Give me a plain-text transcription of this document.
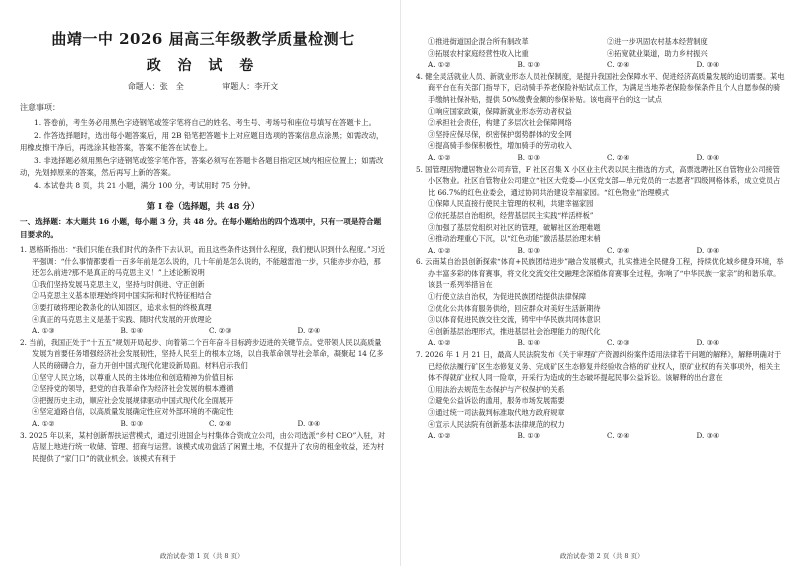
曲靖一中 2026 届高三年级教学质量检测七
政 治 试 卷
命题人：张　全	审题人：李开文
注意事项：

1. 答卷前，考生务必用黑色字迹钢笔或签字笔将自己的姓名、考生号、考场号和座位号填写在答题卡上。

2. 作答选择题时，选出每小题答案后，用 2B 铅笔把答题卡上对应题目选项的答案信息点涂黑；如需改动，用橡皮擦干净后，再选涂其他答案，答案不能答在试卷上。

3. 非选择题必须用黑色字迹钢笔或签字笔作答，答案必须写在答题卡各题目指定区域内相应位置上；如需改动，先划掉原来的答案，然后再写上新的答案。

4. 本试卷共 8 页，共 21 小题，满分 100 分，考试用时 75 分钟。

第 I 卷（选择题，共 48 分）
一、选择题：本大题共 16 小题，每小题 3 分，共 48 分。在每小题给出的四个选项中，只有一项是符合题目要求的。

1. 恩格斯指出：“我们只能在我们时代的条件下去认识，而且这些条件达到什么程度，我们便认识到什么程度。”习近平强调：“什么事情都要看一百多年前是怎么说的，几十年前是怎么说的，不能越雷池一步，只能亦步亦趋，那还怎么前进?那不是真正的马克思主义！”上述论断说明

①我们坚持发展马克思主义，坚持与时俱进、守正创新

②马克思主义基本原理始终同中国实际和时代特征相结合

③要打破将理论教条化的认知固区，追求永恒的终极真理

④真正的马克思主义是基于实践、随时代发展的开放理论

A. ①③	B. ①④	C. ②③	D. ②④

2. 当前，我国正处于“十五五”规划开局起步、向着第二个百年奋斗目标跨步迈进的关键节点。党带领人民以高质量发展为首要任务增强经济社会发展韧性，坚持人民至上的根本立场，以自我革命领导社会革命，凝聚起 14 亿多人民的磅礴合力，奋力开创中国式现代化建设新局面。材料启示我们

①坚守人民立场，以尊重人民的主体地位和创造精神为价值目标

②坚持党的领导，把党的自我革命作为经济社会发展的根本遵循

③把握历史主动，顺应社会发展规律驱动中国式现代化全面展开

④坚定道路自信，以高质量发展确定性应对外部环境的不确定性

A. ①②	B. ①③	C. ②④	D. ③④

3. 2025 年以来，某村创新帮扶运营模式，通过引进国企与村集体合资成立公司，由公司选派“乡村 CEO”入驻，对店屋上地进行统一收储、管理、招商与运营。该模式成功盘活了闲置土地，不仅提升了农房的租金收益，还为村民提供了“家门口”的就业机会。该模式有利于

①推进街道国企混合所有制改革	②进一步巩固农村基本经营制度
③拓展农村家庭经营性收入比重	④拓宽就业渠道，助力乡村振兴
A. ①②	B. ①③	C. ②④	D. ③④

4. 健全灵活就业人员、新就业形态人员社保制度，是提升我国社会保障水平、促进经济高质量发展的追切需要。某电商平台在有关部门指导下，启动骑手养老保险补贴试点工作，为满足当地养老保险参保条件且个人自愿参保的骑手缴纳社保补贴，提供 50%缴费金额的参保补贴。该电商平台的这一试点

①响应国家政策，保障新就业形态劳动者权益

②承担社会责任，构建了多层次社会保障网络

③坚持应保尽保，织密保护弱势群体的安全网

④提高骑手参保积极性，增加骑手的劳动收入

A. ①②	B. ①③	C. ②④	D. ③④

5. 国管理因物遭居物业公司弃管，F 社区召集 X 小区业主代表以民主推选的方式，高票选聘社区自管物业公司接管小区物业。社区自管物业公司建立“社区大党委—小区党支部—单元党员的一志愿者”四级网格体系，成立党员占比 66.7%的红色业委会，通过协同共治建设幸福家园。“红色物业”治理模式

①保障人民直接行使民主管理的权利，共建幸福家园

②依托基层自治组织，经营基层民主实践“样活样板”

③加强了基层党组织对社区的管理，破解社区治理难题

④推动治理重心下沉，以“红色动能”激活基层治理末梢

A. ①②	B. ①③	C. ②④	D. ③④

6. 云南某自治县创新探索“体育+民族团结进步”融合发展模式，扎实推进全民健身工程，持续优化城乡健身环境，举办丰富多彩的体育赛事，将文化交流交往交融理念深植体育赛事全过程，弥响了“中华民族一家亲”的和谐乐章。该县一系列举措旨在

①行使立法自治权，为促进民族团结提供法律保障

②优化公共体育服务供给，回应群众对美好生活新期待

③以体育促进民族交往交流，铸牢中华民族共同体意识

④创新基层治理形式，推进基层社会治理能力的现代化

A. ①②	B. ①④	C. ②③	D. ③④

7. 2026 年 1 月 21 日，最高人民法院发布《关于审理矿产资源纠纷案件适用法律若干问题的解释》，解释明确对于已经依法履行矿区生态修复义务、完成矿区生态修复并经验收合格的矿业权人，原矿业权的有关事项外，相关主体不得就矿业权人同一险章，开采行为造成的生态破坏提起民事公益诉讼。该解释的出台意在

①用法治去规范生态保护与产权保护的关系

②避免公益诉讼的滥用，服务市场发展需要

③通过统一司法裁判标准取代地方政府规章

④宣示人民法院有创新基本法律规范的权力

A. ①②	B. ①③	C. ②④	D. ③④
政治试卷·第 1 页（共 8 页）	政治试卷·第 2 页（共 8 页）
